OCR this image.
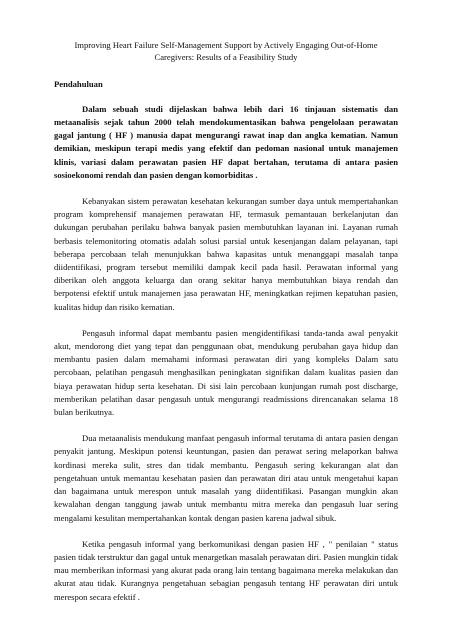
Improving Heart Failure Self-Management Support by Actively Engaging Out-of-Home Caregivers: Results of a Feasibility Study
Pendahuluan

Dalam sebuah studi dijelaskan bahwa lebih dari 16 tinjauan sistematis dan metaanalisis sejak tahun 2000 telah mendokumentasikan bahwa pengelolaan perawatan gagal jantung ( HF ) manusia dapat mengurangi rawat inap dan angka kematian. Namun demikian, meskipun terapi medis yang efektif dan pedoman nasional untuk manajemen klinis, variasi dalam perawatan pasien HF dapat bertahan, terutama di antara pasien sosioekonomi rendah dan pasien dengan komorbiditas .

Kebanyakan sistem perawatan kesehatan kekurangan sumber daya untuk mempertahankan program komprehensif manajemen perawatan HF, termasuk pemantauan berkelanjutan dan dukungan perubahan perilaku bahwa banyak pasien membutuhkan layanan ini. Layanan rumah berbasis telemonitoring otomatis adalah solusi parsial untuk kesenjangan dalam pelayanan, tapi beberapa percobaan telah menunjukkan bahwa kapasitas untuk menanggapi masalah tanpa diidentifikasi, program tersebut memiliki dampak kecil pada hasil. Perawatan informal yang diberikan oleh anggota keluarga dan orang sekitar hanya membutuhkan biaya rendah dan berpotensi efektif untuk manajemen jasa perawatan HF, meningkatkan rejimen kepatuhan pasien, kualitas hidup dan risiko kematian.

Pengasuh informal dapat membantu pasien mengidentifikasi tanda-tanda awal penyakit akut, mendorong diet yang tepat dan penggunaan obat, mendukung perubahan gaya hidup dan membantu pasien dalam memahami informasi perawatan diri yang kompleks Dalam satu percobaan, pelatihan pengasuh menghasilkan peningkatan signifikan dalam kualitas pasien dan biaya perawatan hidup serta kesehatan. Di sisi lain percobaan kunjungan rumah post discharge, memberikan pelatihan dasar pengasuh untuk mengurangi readmissions direncanakan selama 18 bulan berikutnya.

Dua metaanalisis mendukung manfaat pengasuh informal terutama di antara pasien dengan penyakit jantung. Meskipun potensi keuntungan, pasien dan perawat sering melaporkan bahwa kordinasi mereka sulit, stres dan tidak membantu. Pengasuh sering kekurangan alat dan pengetahuan untuk memantau kesehatan pasien dan perawatan diri atau untuk mengetahui kapan dan bagaimana untuk merespon untuk masalah yang diidentifikasi. Pasangan mungkin akan kewalahan dengan tanggung jawab untuk membantu mitra mereka dan pengasuh luar sering mengalami kesulitan mempertahankan kontak dengan pasien karena jadwal sibuk.

Ketika pengasuh informal yang berkomunikasi dengan pasien HF , " penilaian " status pasien tidak terstruktur dan gagal untuk menargetkan masalah perawatan diri. Pasien mungkin tidak mau memberikan informasi yang akurat pada orang lain tentang bagaimana mereka melakukan dan akurat atau tidak. Kurangnya pengetahuan sebagian pengasuh tentang HF perawatan diri untuk merespon secara efektif .
